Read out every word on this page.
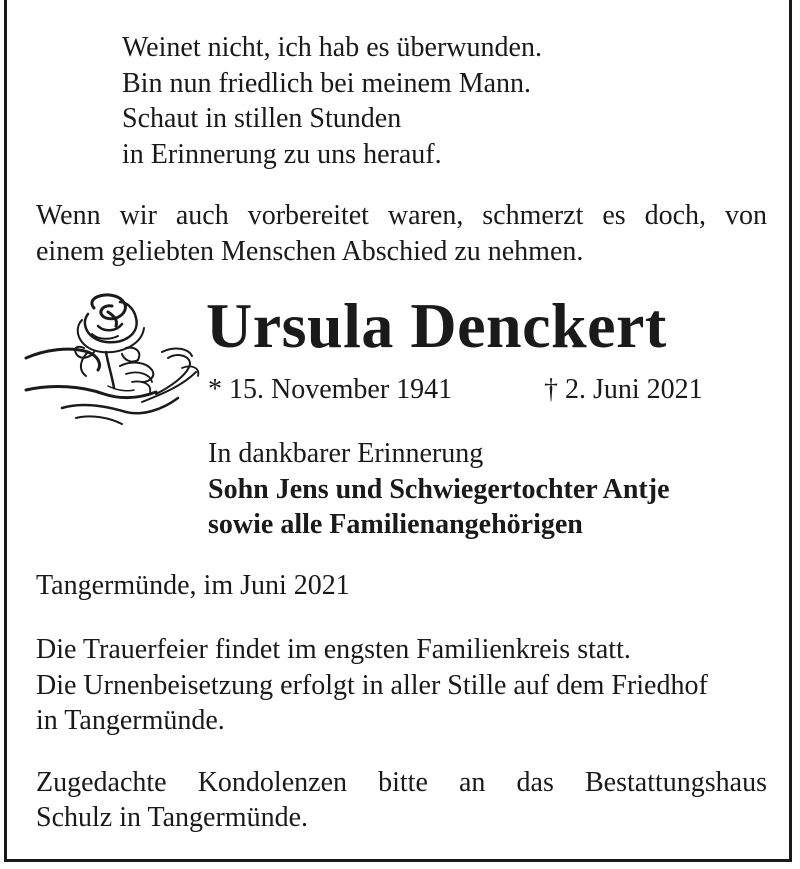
Weinet nicht, ich hab es überwunden.
Bin nun friedlich bei meinem Mann.
Schaut in stillen Stunden
in Erinnerung zu uns herauf.
Wenn wir auch vorbereitet waren, schmerzt es doch, von
einem geliebten Menschen Abschied zu nehmen.
Ursula Denckert
* 15. November 1941	† 2. Juni 2021
In dankbarer Erinnerung
Sohn Jens und Schwiegertochter Antje
sowie alle Familienangehörigen
Tangermünde, im Juni 2021
Die Trauerfeier findet im engsten Familienkreis statt.
Die Urnenbeisetzung erfolgt in aller Stille auf dem Friedhof
in Tangermünde.
Zugedachte Kondolenzen bitte an das Bestattungshaus
Schulz in Tangermünde.
